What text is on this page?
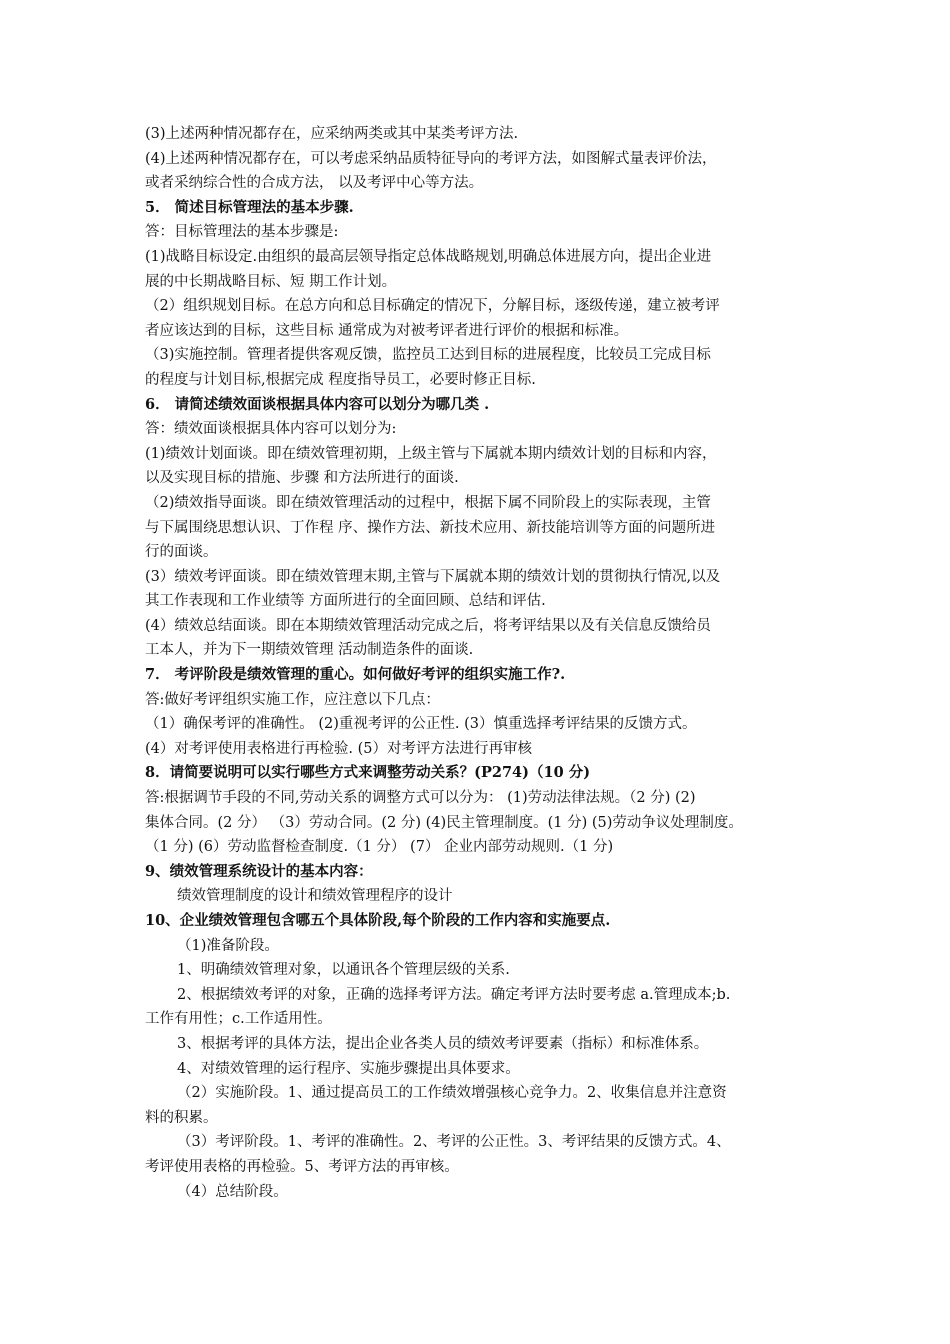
(3)上述两种情况都存在，应采纳两类或其中某类考评方法.
(4)上述两种情况都存在，可以考虑采纳品质特征导向的考评方法，如图解式量表评价法，
或者采纳综合性的合成方法， 以及考评中心等方法。
5． 简述目标管理法的基本步骤.
答：目标管理法的基本步骤是:
(1)战略目标设定.由组织的最高层领导指定总体战略规划,明确总体进展方向，提出企业进
展的中长期战略目标、短 期工作计划。
（2）组织规划目标。在总方向和总目标确定的情况下，分解目标，逐级传递，建立被考评
者应该达到的目标，这些目标 通常成为对被考评者进行评价的根据和标准。
（3)实施控制。管理者提供客观反馈，监控员工达到目标的进展程度，比较员工完成目标
的程度与计划目标,根据完成 程度指导员工，必要时修正目标.
6． 请简述绩效面谈根据具体内容可以划分为哪几类 .
答：绩效面谈根据具体内容可以划分为:
(1)绩效计划面谈。即在绩效管理初期，上级主管与下属就本期内绩效计划的目标和内容，
以及实现目标的措施、步骤 和方法所进行的面谈.
（2)绩效指导面谈。即在绩效管理活动的过程中，根据下属不同阶段上的实际表现，主管
与下属围绕思想认识、丁作程 序、操作方法、新技术应用、新技能培训等方面的问题所进
行的面谈。
(3）绩效考评面谈。即在绩效管理末期,主管与下属就本期的绩效计划的贯彻执行情况,以及
其工作表现和工作业绩等 方面所进行的全面回顾、总结和评估.
(4）绩效总结面谈。即在本期绩效管理活动完成之后，将考评结果以及有关信息反馈给员
工本人，并为下一期绩效管理 活动制造条件的面谈.
7． 考评阶段是绩效管理的重心。如何做好考评的组织实施工作?.
答:做好考评组织实施工作，应注意以下几点：
（1）确保考评的准确性。 (2)重视考评的公正性. (3）慎重选择考评结果的反馈方式。
(4）对考评使用表格进行再检验. (5）对考评方法进行再审核
8．请简要说明可以实行哪些方式来调整劳动关系？(P274)（10 分)
答:根据调节手段的不同,劳动关系的调整方式可以分为： (1)劳动法律法规。（2 分) (2)
集体合同。(2 分） （3）劳动合同。(2 分) (4)民主管理制度。(1 分) (5)劳动争议处理制度。
（1 分) (6）劳动监督检查制度.（1 分） (7） 企业内部劳动规则.（1 分)
9、绩效管理系统设计的基本内容：
绩效管理制度的设计和绩效管理程序的设计
10、企业绩效管理包含哪五个具体阶段,每个阶段的工作内容和实施要点.
（1)准备阶段。
1、明确绩效管理对象，以通讯各个管理层级的关系.
2、根据绩效考评的对象，正确的选择考评方法。确定考评方法时要考虑 a.管理成本;b.
工作有用性；c.工作适用性。
3、根据考评的具体方法，提出企业各类人员的绩效考评要素（指标）和标准体系。
4、对绩效管理的运行程序、实施步骤提出具体要求。
（2）实施阶段。1、通过提高员工的工作绩效增强核心竞争力。2、收集信息并注意资
料的积累。
（3）考评阶段。1、考评的准确性。2、考评的公正性。3、考评结果的反馈方式。4、
考评使用表格的再检验。5、考评方法的再审核。
（4）总结阶段。
